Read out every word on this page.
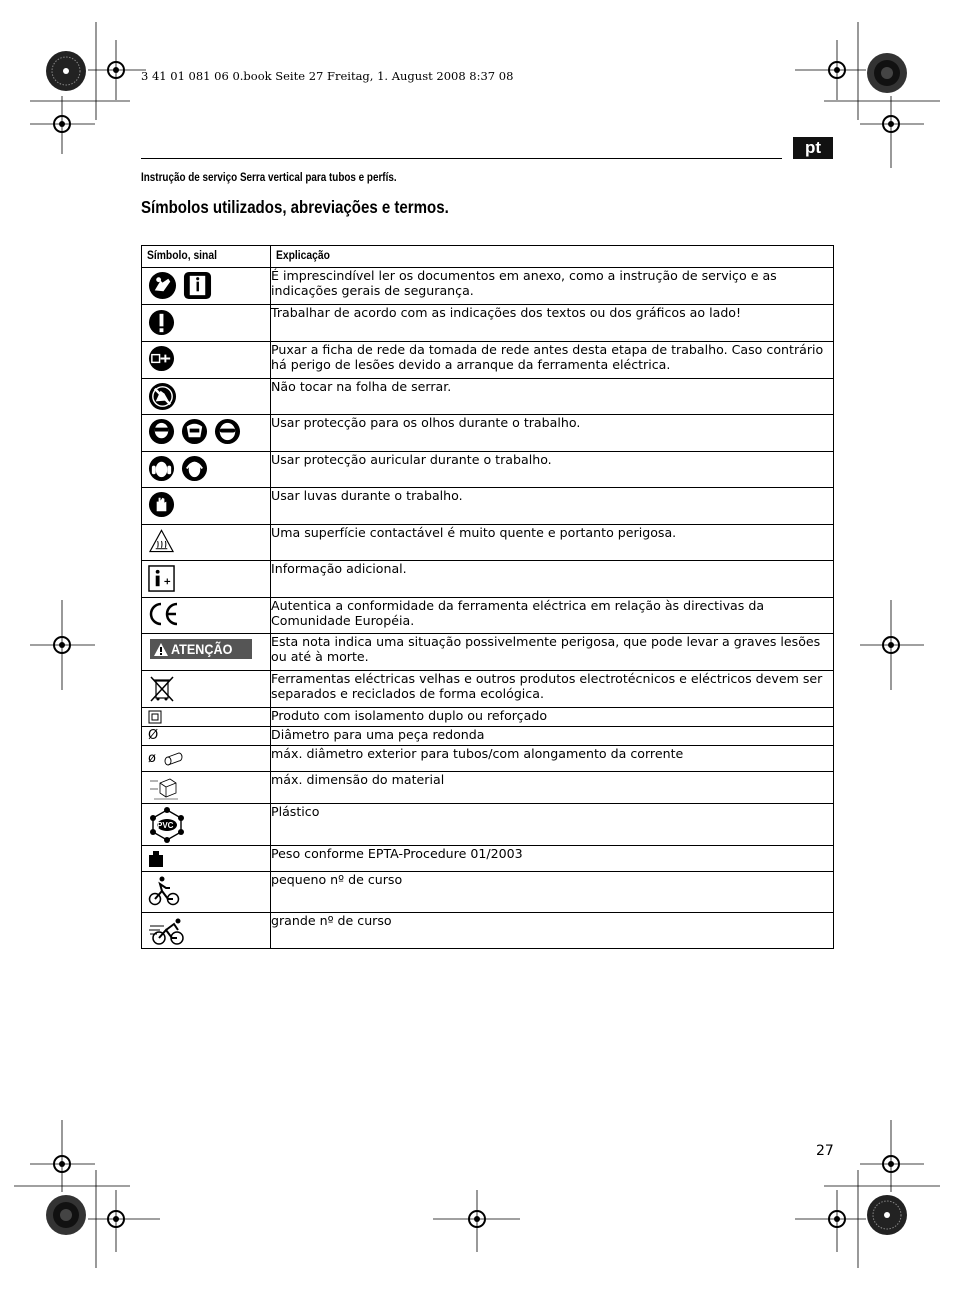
3 41 01 081 06 0.book Seite 27 Freitag, 1. August 2008 8:37 08
pt
Instrução de serviço Serra vertical para tubos e perfís.
Símbolos utilizados, abreviações e termos.
Símbolo, sinal	Explicação

	É imprescindível ler os documentos em anexo, como a instrução de serviço e as indicações gerais de segurança.

	Trabalhar de acordo com as indicações dos textos ou dos gráficos ao lado!

	Puxar a ficha de rede da tomada de rede antes desta etapa de trabalho. Caso contrário há perigo de lesões devido a arranque da ferramenta eléctrica.

	Não tocar na folha de serrar.

	Usar protecção para os olhos durante o trabalho.

	Usar protecção auricular durante o trabalho.

	Usar luvas durante o trabalho.

	Uma superfície contactável é muito quente e portanto perigosa.

	Informação adicional.

	Autentica a conformidade da ferramenta eléctrica em relação às directivas da Comunidade Européia.

ATENÇÃO	Esta nota indica uma situação possivelmente perigosa, que pode levar a graves lesões ou até à morte.

	Ferramentas eléctricas velhas e outros produtos electrotécnicos e eléctricos devem ser separados e reciclados de forma ecológica.

	Produto com isolamento duplo ou reforçado

Ø	Diâmetro para uma peça redonda

ø	máx. diâmetro exterior para tubos/com alongamento da corrente

	máx. dimensão do material

PVC	Plástico

	Peso conforme EPTA-Procedure 01/2003

	pequeno nº de curso

	grande nº de curso
27
